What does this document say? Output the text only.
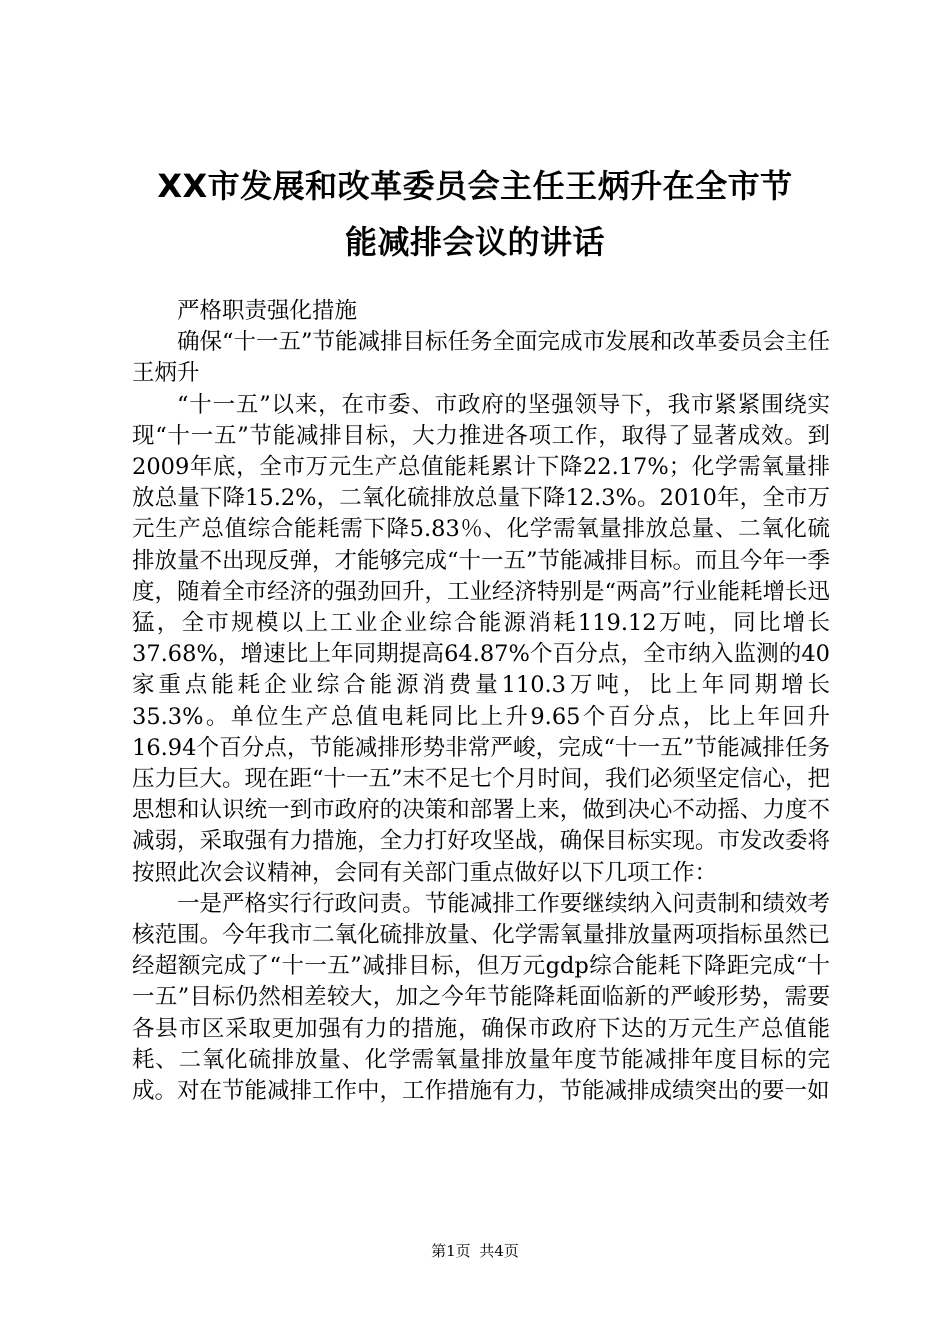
XX市发展和改革委员会主任王炳升在全市节
能减排会议的讲话

严格职责强化措施

确保“十一五”节能减排目标任务全面完成市发展和改革委员会主任王炳升

“十一五”以来，在市委、市政府的坚强领导下，我市紧紧围绕实现“十一五”节能减排目标，大力推进各项工作，取得了显著成效。到2009年底，全市万元生产总值能耗累计下降22.17%；化学需氧量排放总量下降15.2%，二氧化硫排放总量下降12.3%。2010年，全市万元生产总值综合能耗需下降5.83％、化学需氧量排放总量、二氧化硫排放量不出现反弹，才能够完成“十一五”节能减排目标。而且今年一季度，随着全市经济的强劲回升，工业经济特别是“两高”行业能耗增长迅猛，全市规模以上工业企业综合能源消耗119.12万吨，同比增长37.68%，增速比上年同期提高64.87%个百分点，全市纳入监测的40家重点能耗企业综合能源消费量110.3万吨，比上年同期增长35.3%。单位生产总值电耗同比上升9.65个百分点，比上年回升16.94个百分点，节能减排形势非常严峻，完成“十一五”节能减排任务压力巨大。现在距“十一五”末不足七个月时间，我们必须坚定信心，把思想和认识统一到市政府的决策和部署上来，做到决心不动摇、力度不减弱，采取强有力措施，全力打好攻坚战，确保目标实现。市发改委将按照此次会议精神，会同有关部门重点做好以下几项工作：

一是严格实行行政问责。节能减排工作要继续纳入问责制和绩效考核范围。今年我市二氧化硫排放量、化学需氧量排放量两项指标虽然已经超额完成了“十一五”减排目标，但万元gdp综合能耗下降距完成“十一五”目标仍然相差较大，加之今年节能降耗面临新的严峻形势，需要各县市区采取更加强有力的措施，确保市政府下达的万元生产总值能耗、二氧化硫排放量、化学需氧量排放量年度节能减排年度目标的完成。对在节能减排工作中，工作措施有力，节能减排成绩突出的要一如

第1页 共4页
